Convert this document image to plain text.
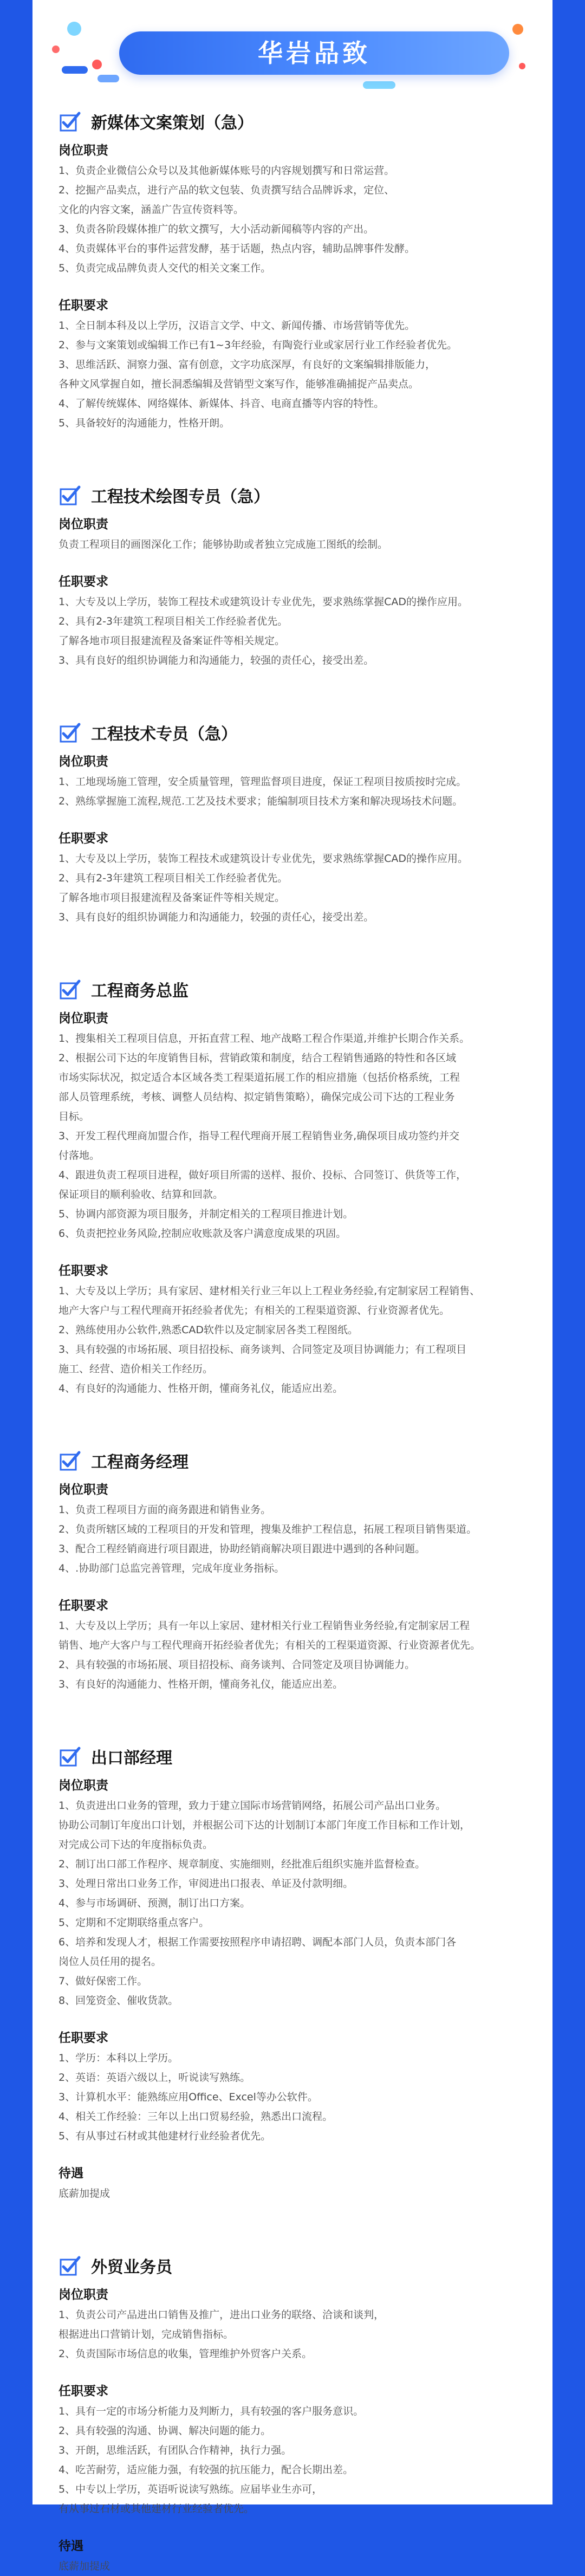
华岩品致
新媒体文案策划（急）
岗位职责
1、负责企业微信公众号以及其他新媒体账号的内容规划撰写和日常运营。
2、挖掘产品卖点，进行产品的软文包装、负责撰写结合品牌诉求，定位、
文化的内容文案，涵盖广告宣传资料等。
3、负责各阶段媒体推广的软文撰写，大小活动新闻稿等内容的产出。
4、负责媒体平台的事件运营发酵，基于话题，热点内容，辅助品牌事件发酵。
5、负责完成品牌负责人交代的相关文案工作。
任职要求
1、全日制本科及以上学历，汉语言文学、中文、新闻传播、市场营销等优先。
2、参与文案策划或编辑工作已有1~3年经验，有陶瓷行业或家居行业工作经验者优先。
3、思维活跃、洞察力强、富有创意，文字功底深厚，有良好的文案编辑排版能力，
各种文风掌握自如，擅长洞悉编辑及营销型文案写作，能够准确捕捉产品卖点。
4、了解传统媒体、网络媒体、新媒体、抖音、电商直播等内容的特性。
5、具备较好的沟通能力，性格开朗。
工程技术绘图专员（急）
岗位职责
负责工程项目的画图深化工作；能够协助或者独立完成施工图纸的绘制。
任职要求
1、大专及以上学历，装饰工程技术或建筑设计专业优先，要求熟练掌握CAD的操作应用。
2、具有2-3年建筑工程项目相关工作经验者优先。
了解各地市项目报建流程及备案证件等相关规定。
3、具有良好的组织协调能力和沟通能力，较强的责任心，接受出差。
工程技术专员（急）
岗位职责
1、工地现场施工管理，安全质量管理，管理监督项目进度，保证工程项目按质按时完成。
2、熟练掌握施工流程,规范.工艺及技术要求；能编制项目技术方案和解决现场技术问题。
任职要求
1、大专及以上学历，装饰工程技术或建筑设计专业优先，要求熟练掌握CAD的操作应用。
2、具有2-3年建筑工程项目相关工作经验者优先。
了解各地市项目报建流程及备案证件等相关规定。
3、具有良好的组织协调能力和沟通能力，较强的责任心，接受出差。
工程商务总监
岗位职责
1、搜集相关工程项目信息，开拓直营工程、地产战略工程合作渠道,并维护长期合作关系。
2、根据公司下达的年度销售目标，营销政策和制度，结合工程销售通路的特性和各区域
市场实际状况，拟定适合本区域各类工程渠道拓展工作的相应措施（包括价格系统，工程
部人员管理系统，考核、调整人员结构、拟定销售策略），确保完成公司下达的工程业务
目标。
3、开发工程代理商加盟合作，指导工程代理商开展工程销售业务,确保项目成功签约并交
付落地。
4、跟进负责工程项目进程，做好项目所需的送样、报价、投标、合同签订、供货等工作，
保证项目的顺利验收、结算和回款。
5、协调内部资源为项目服务，并制定相关的工程项目推进计划。
6、负责把控业务风险,控制应收账款及客户满意度成果的巩固。
任职要求
1、大专及以上学历；具有家居、建材相关行业三年以上工程业务经验,有定制家居工程销售、
地产大客户与工程代理商开拓经验者优先；有相关的工程渠道资源、行业资源者优先。
2、熟练使用办公软件,熟悉CAD软件以及定制家居各类工程图纸。
3、具有较强的市场拓展、项目招投标、商务谈判、合同签定及项目协调能力；有工程项目
施工、经营、造价相关工作经历。
4、有良好的沟通能力、性格开朗，懂商务礼仪，能适应出差。
工程商务经理
岗位职责
1、负责工程项目方面的商务跟进和销售业务。
2、负责所辖区域的工程项目的开发和管理，搜集及维护工程信息，拓展工程项目销售渠道。
3、配合工程经销商进行项目跟进，协助经销商解决项目跟进中遇到的各种问题。
4、.协助部门总监完善管理，完成年度业务指标。
任职要求
1、大专及以上学历；具有一年以上家居、建材相关行业工程销售业务经验,有定制家居工程
销售、地产大客户与工程代理商开拓经验者优先；有相关的工程渠道资源、行业资源者优先。
2、具有较强的市场拓展、项目招投标、商务谈判、合同签定及项目协调能力。
3、有良好的沟通能力、性格开朗，懂商务礼仪，能适应出差。
出口部经理
岗位职责
1、负责进出口业务的管理，致力于建立国际市场营销网络，拓展公司产品出口业务。
协助公司制订年度出口计划，并根据公司下达的计划制订本部门年度工作目标和工作计划，
对完成公司下达的年度指标负责。
2、制订出口部工作程序、规章制度、实施细则，经批准后组织实施并监督检查。
3、处理日常出口业务工作，审阅进出口报表、单证及付款明细。
4、参与市场调研、预测，制订出口方案。
5、定期和不定期联络重点客户。
6、培养和发现人才，根据工作需要按照程序申请招聘、调配本部门人员，负责本部门各
岗位人员任用的提名。
7、做好保密工作。
8、回笼资金、催收货款。
任职要求
1、学历：本科以上学历。
2、英语：英语六级以上，听说读写熟练。
3、计算机水平：能熟练应用Office、Excel等办公软件。
4、相关工作经验：三年以上出口贸易经验，熟悉出口流程。
5、有从事过石材或其他建材行业经验者优先。
待遇
底薪加提成
外贸业务员
岗位职责
1、负责公司产品进出口销售及推广，进出口业务的联络、洽谈和谈判，
根据进出口营销计划，完成销售指标。
2、负责国际市场信息的收集，管理维护外贸客户关系。
任职要求
1、具有一定的市场分析能力及判断力，具有较强的客户服务意识。
2、具有较强的沟通、协调、解决问题的能力。
3、开朗，思维活跃，有团队合作精神，执行力强。
4、吃苦耐劳，适应能力强，有较强的抗压能力，配合长期出差。
5、中专以上学历，英语听说读写熟练。应届毕业生亦可，
有从事过石材或其他建材行业经验者优先。
待遇
底薪加提成
